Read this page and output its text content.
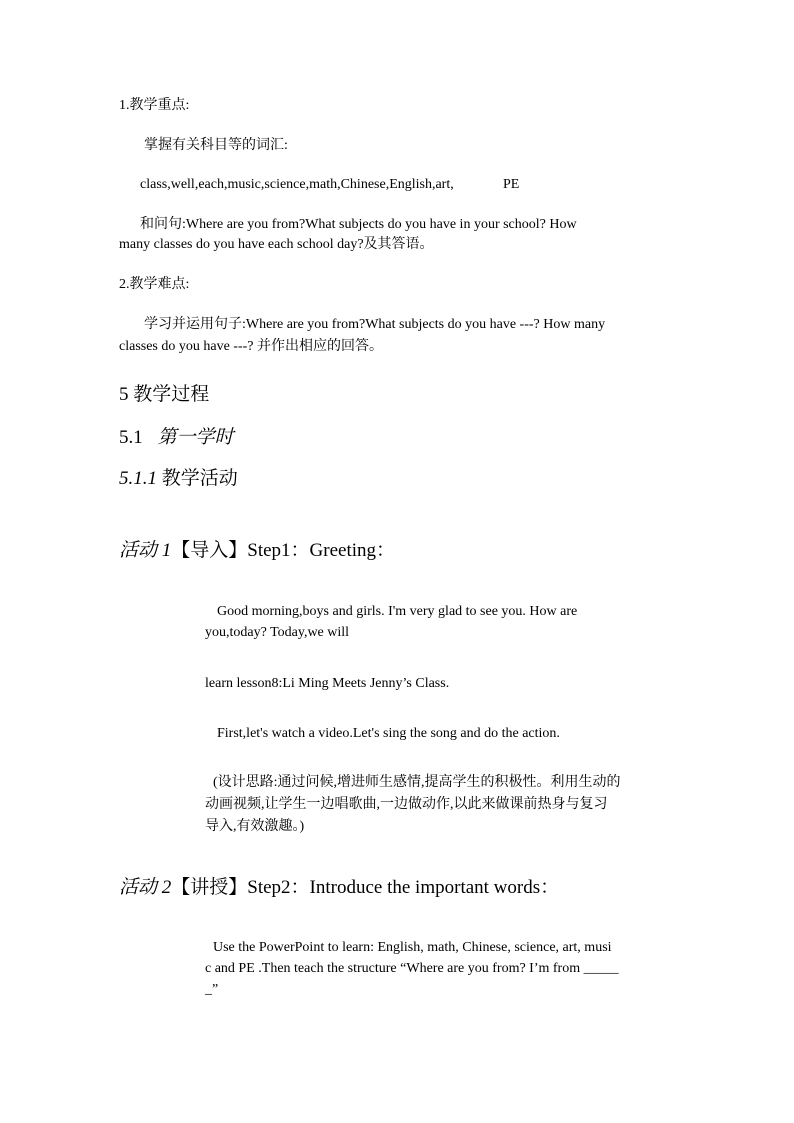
1.教学重点:
掌握有关科目等的词汇:
class,well,each,music,science,math,Chinese,English,art,	PE
和问句:Where are you from?What subjects do you have in your school? How
many classes do you have each school day?及其答语。
2.教学难点:
学习并运用句子:Where are you from?What subjects do you have ---? How many
classes do you have ---? 并作出相应的回答。
5 教学过程
5.1 第一学时
5.1.1 教学活动
活动 1【导入】Step1：Greeting：
Good morning,boys and girls. I'm very glad to see you. How are
you,today? Today,we will
learn lesson8:Li Ming Meets Jenny’s Class.
First,let's watch a video.Let's sing the song and do the action.
(设计思路:通过问候,增进师生感情,提高学生的积极性。利用生动的
动画视频,让学生一边唱歌曲,一边做动作,以此来做课前热身与复习
导入,有效激趣。)
活动 2【讲授】Step2：Introduce the important words：
Use the PowerPoint to learn: English, math, Chinese, science, art, musi
c and PE .Then teach the structure “Where are you from? I’m from _____
_”
